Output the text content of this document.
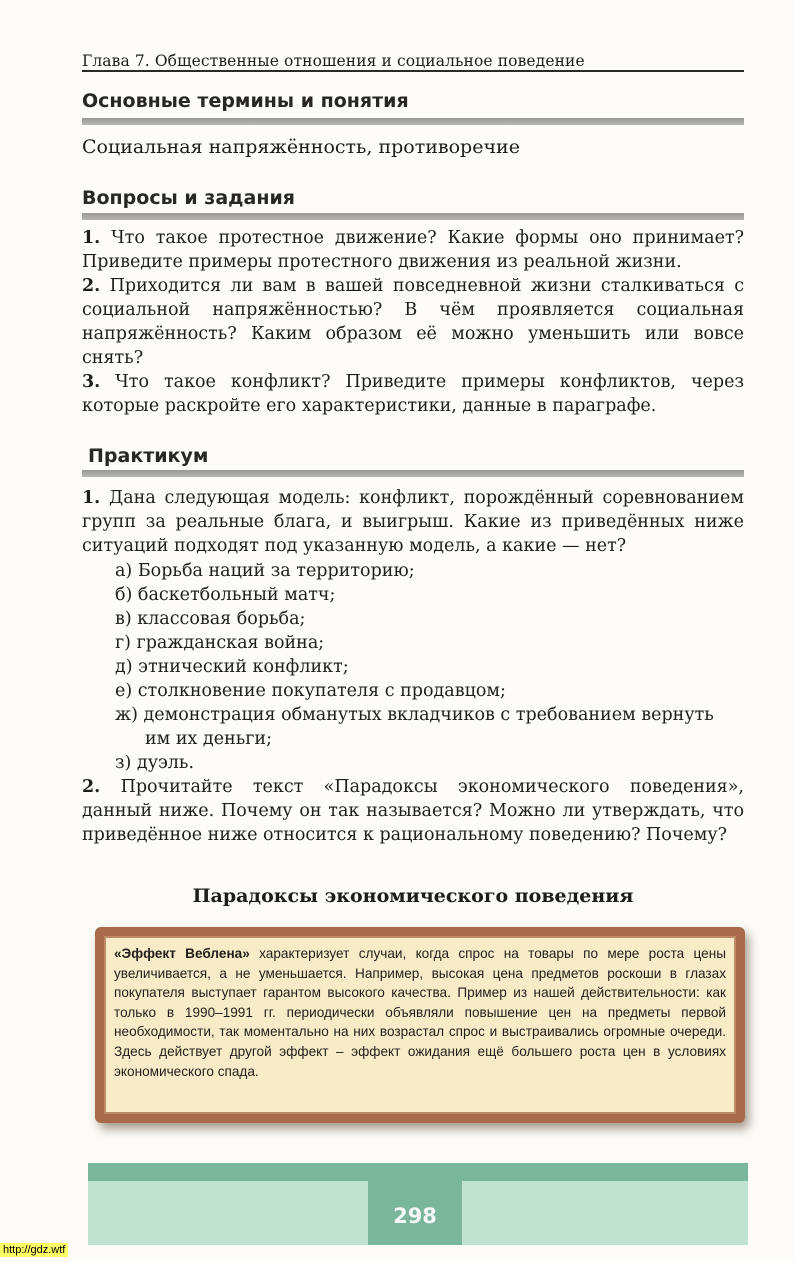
Глава 7. Общественные отношения и социальное поведение
Основные термины и понятия
Социальная напряжённость, противоречие
Вопросы и задания

1. Что такое протестное движение? Какие формы оно принимает? Приведите примеры протестного движения из реальной жизни.

2. Приходится ли вам в вашей повседневной жизни сталкиваться с социальной напряжённостью? В чём проявляется социальная напряжённость? Каким образом её можно уменьшить или вовсе снять?

3. Что такое конфликт? Приведите примеры конфликтов, через которые раскройте его характеристики, данные в параграфе.

Практикум

1. Дана следующая модель: конфликт, порождённый соревнованием групп за реальные блага, и выигрыш. Какие из приведённых ниже ситуаций подходят под указанную модель, а какие — нет?

а) Борьба наций за территорию;
б) баскетбольный матч;
в) классовая борьба;
г) гражданская война;
д) этнический конфликт;
е) столкновение покупателя с продавцом;
ж) демонстрация обманутых вкладчиков с требованием вернуть
им их деньги;
з) дуэль.

2. Прочитайте текст «Парадоксы экономического поведения», данный ниже. Почему он так называется? Можно ли утверждать, что приведённое ниже относится к рациональному поведению? Почему?

Парадоксы экономического поведения
«Эффект Веблена» характеризует случаи, когда спрос на товары по мере роста цены увеличивается, а не уменьшается. Например, высокая цена предметов роскоши в глазах покупателя выступает гарантом высокого качества. Пример из нашей действительности: как только в 1990–1991 гг. периодически объявляли повышение цен на предметы первой необходимости, так моментально на них возрастал спрос и выстраивались огромные очереди. Здесь действует другой эффект – эффект ожидания ещё большего роста цен в условиях экономического спада.
298
http://gdz.wtf
